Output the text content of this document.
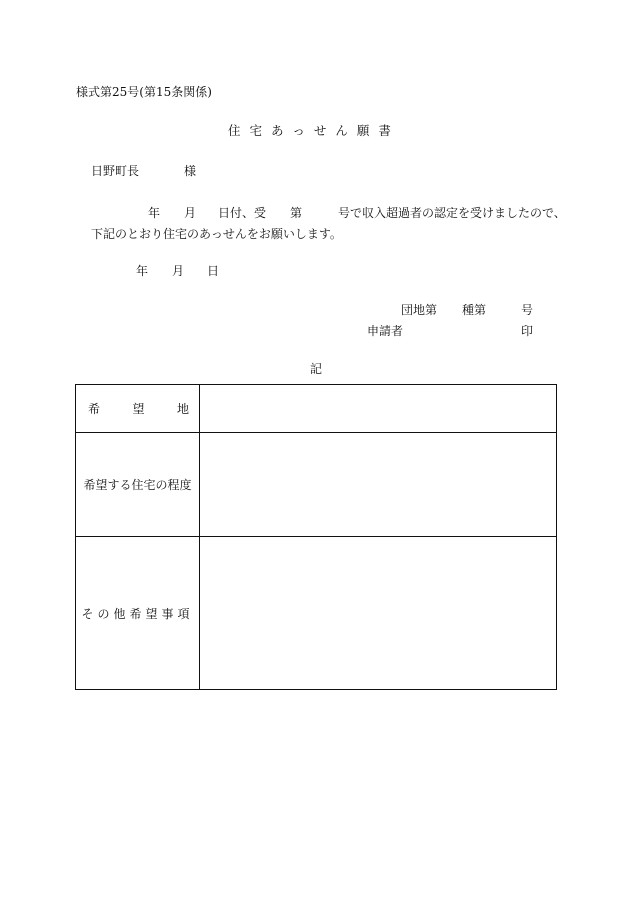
様式第25号(第15条関係)
住宅あっせん願書
日野町長	様
年 月 日付、受 第	号で収入超過者の認定を受けましたので、
下記のとおり住宅のあっせんをお願いします。
年 月 日
団地第 種第	号
申請者	印
記
希 望 地	

希望する住宅の程度	
その他希望事項	
